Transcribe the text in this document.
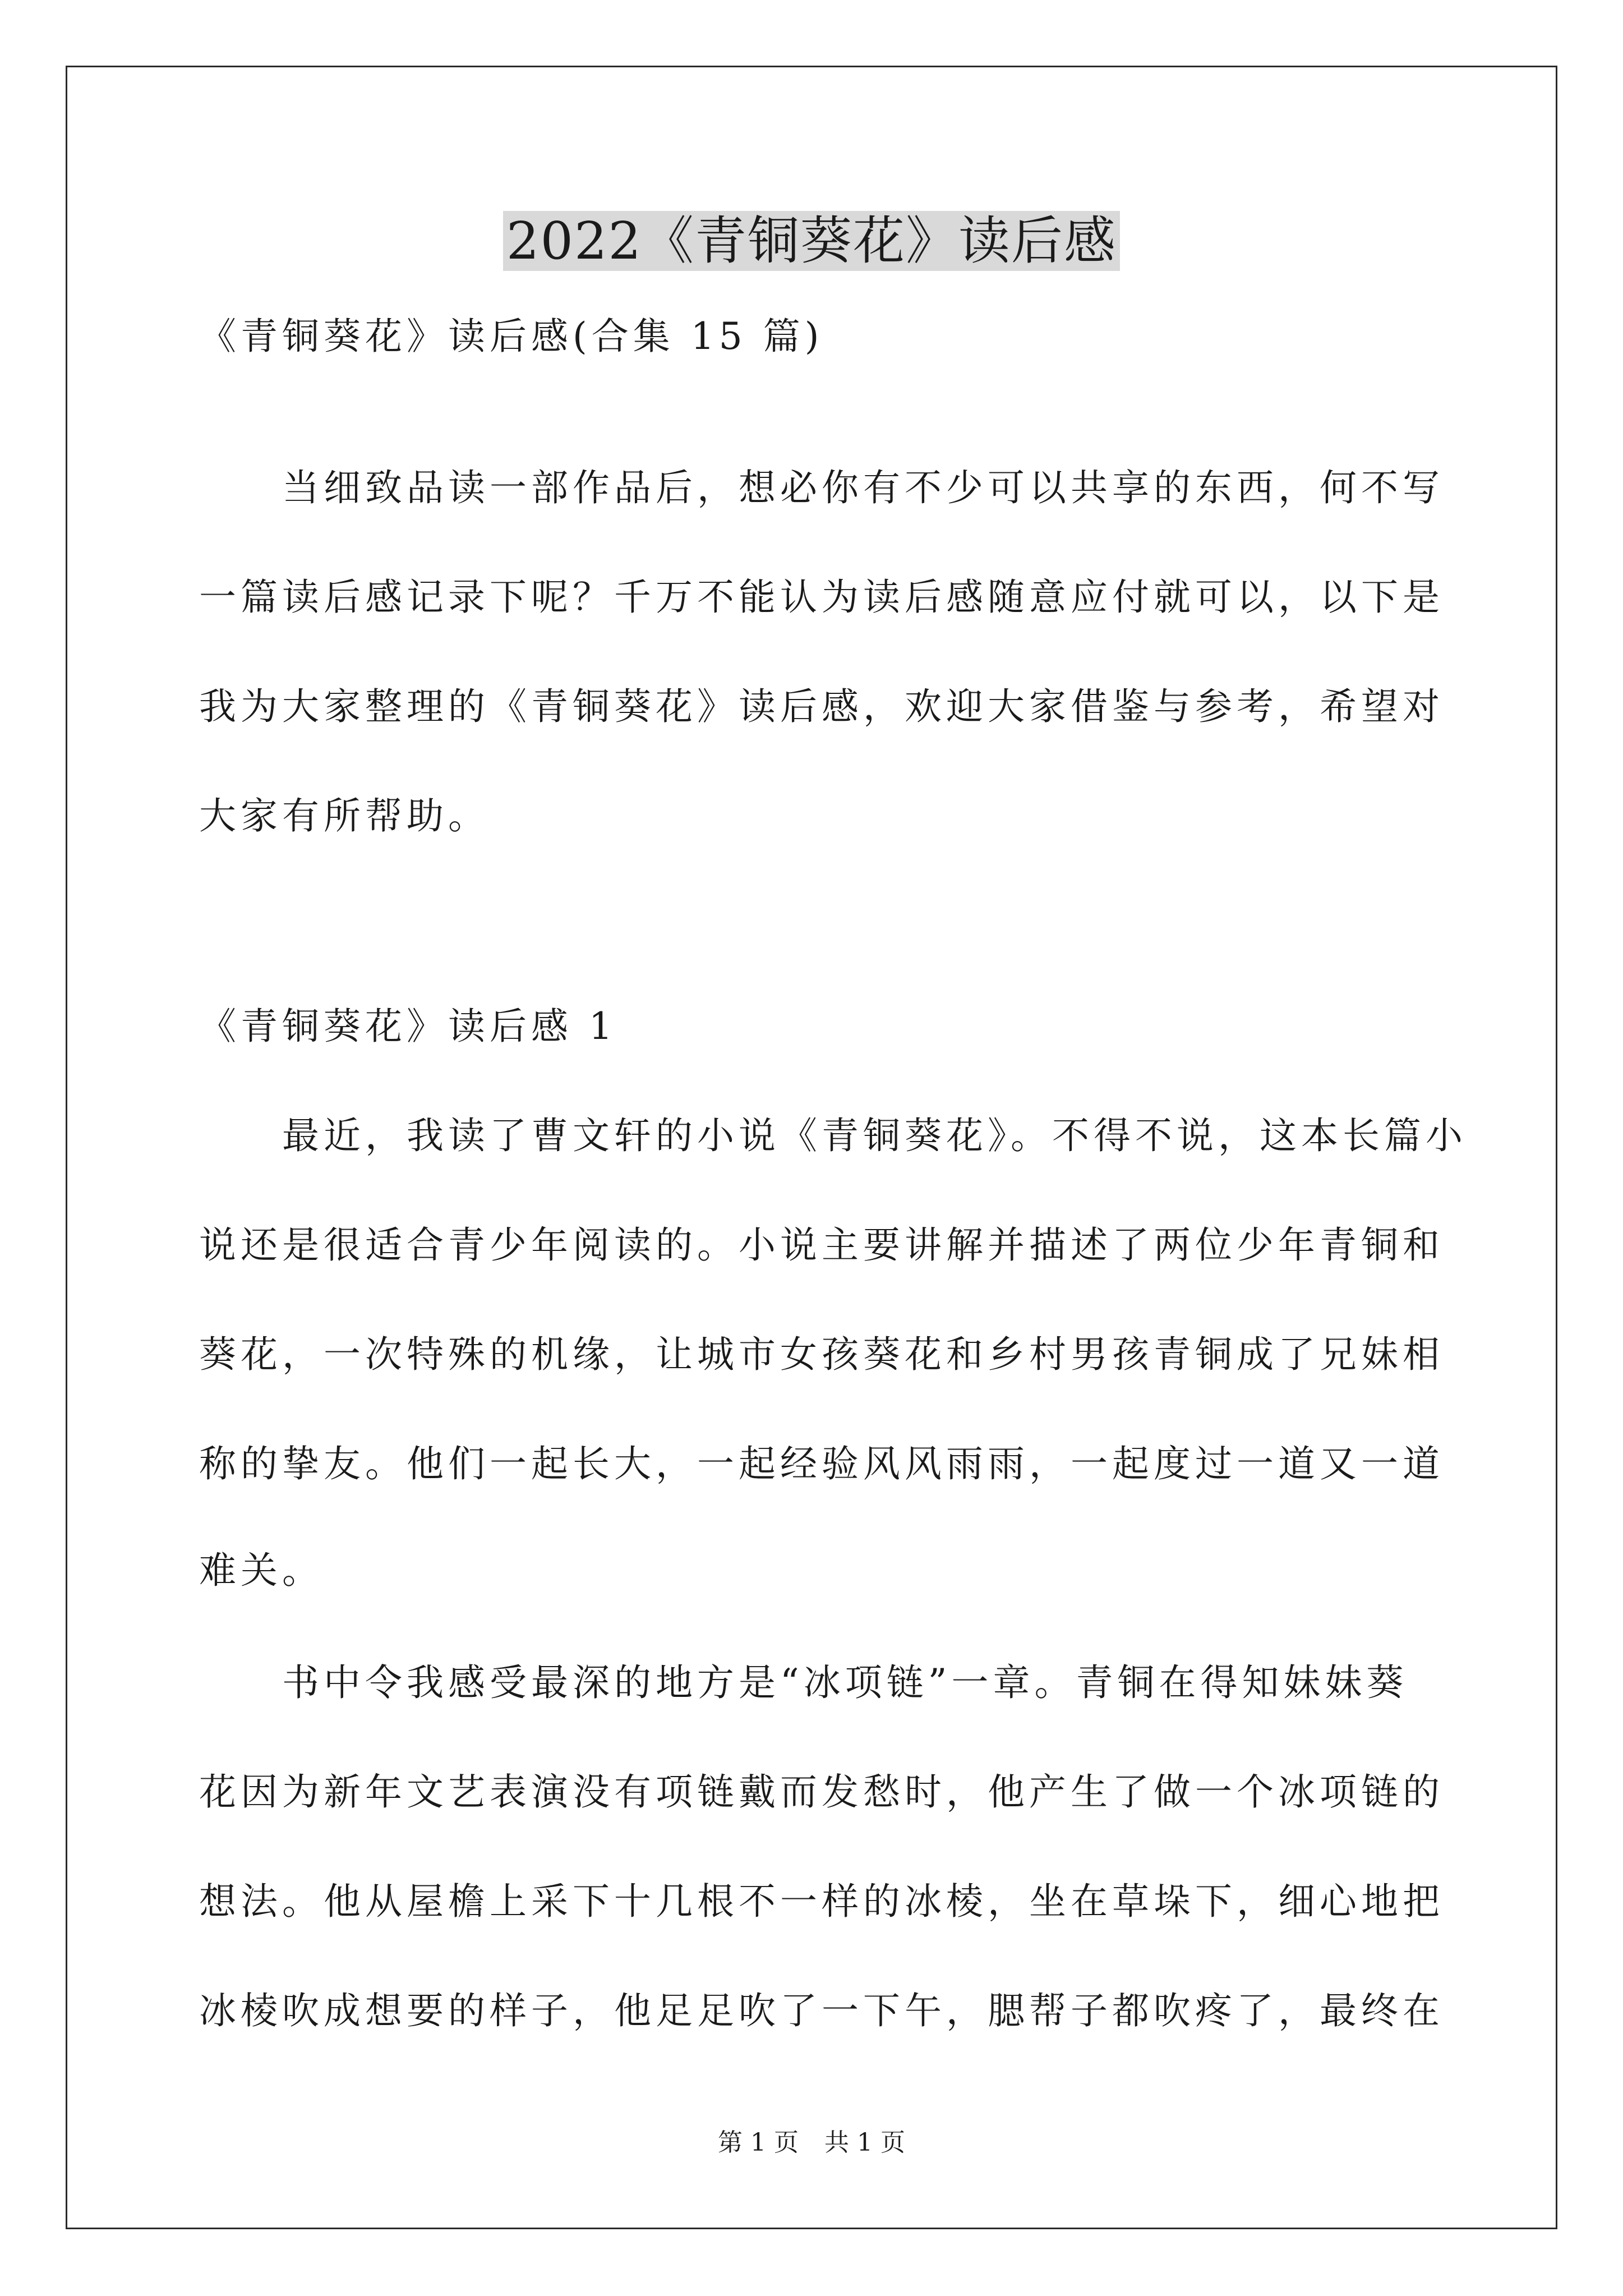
2022《青铜葵花》读后感
《青铜葵花》读后感(合集 15 篇)
当细致品读一部作品后，想必你有不少可以共享的东西，何不写
一篇读后感记录下呢？千万不能认为读后感随意应付就可以，以下是
我为大家整理的《青铜葵花》读后感，欢迎大家借鉴与参考，希望对
大家有所帮助。
《青铜葵花》读后感 1
最近，我读了曹文轩的小说《青铜葵花》。不得不说，这本长篇小
说还是很适合青少年阅读的。小说主要讲解并描述了两位少年青铜和
葵花，一次特殊的机缘，让城市女孩葵花和乡村男孩青铜成了兄妹相
称的挚友。他们一起长大，一起经验风风雨雨，一起度过一道又一道
难关。
书中令我感受最深的地方是“冰项链”一章。青铜在得知妹妹葵
花因为新年文艺表演没有项链戴而发愁时，他产生了做一个冰项链的
想法。他从屋檐上采下十几根不一样的冰棱，坐在草垛下，细心地把
冰棱吹成想要的样子，他足足吹了一下午，腮帮子都吹疼了，最终在
第 1 页 共 1 页
